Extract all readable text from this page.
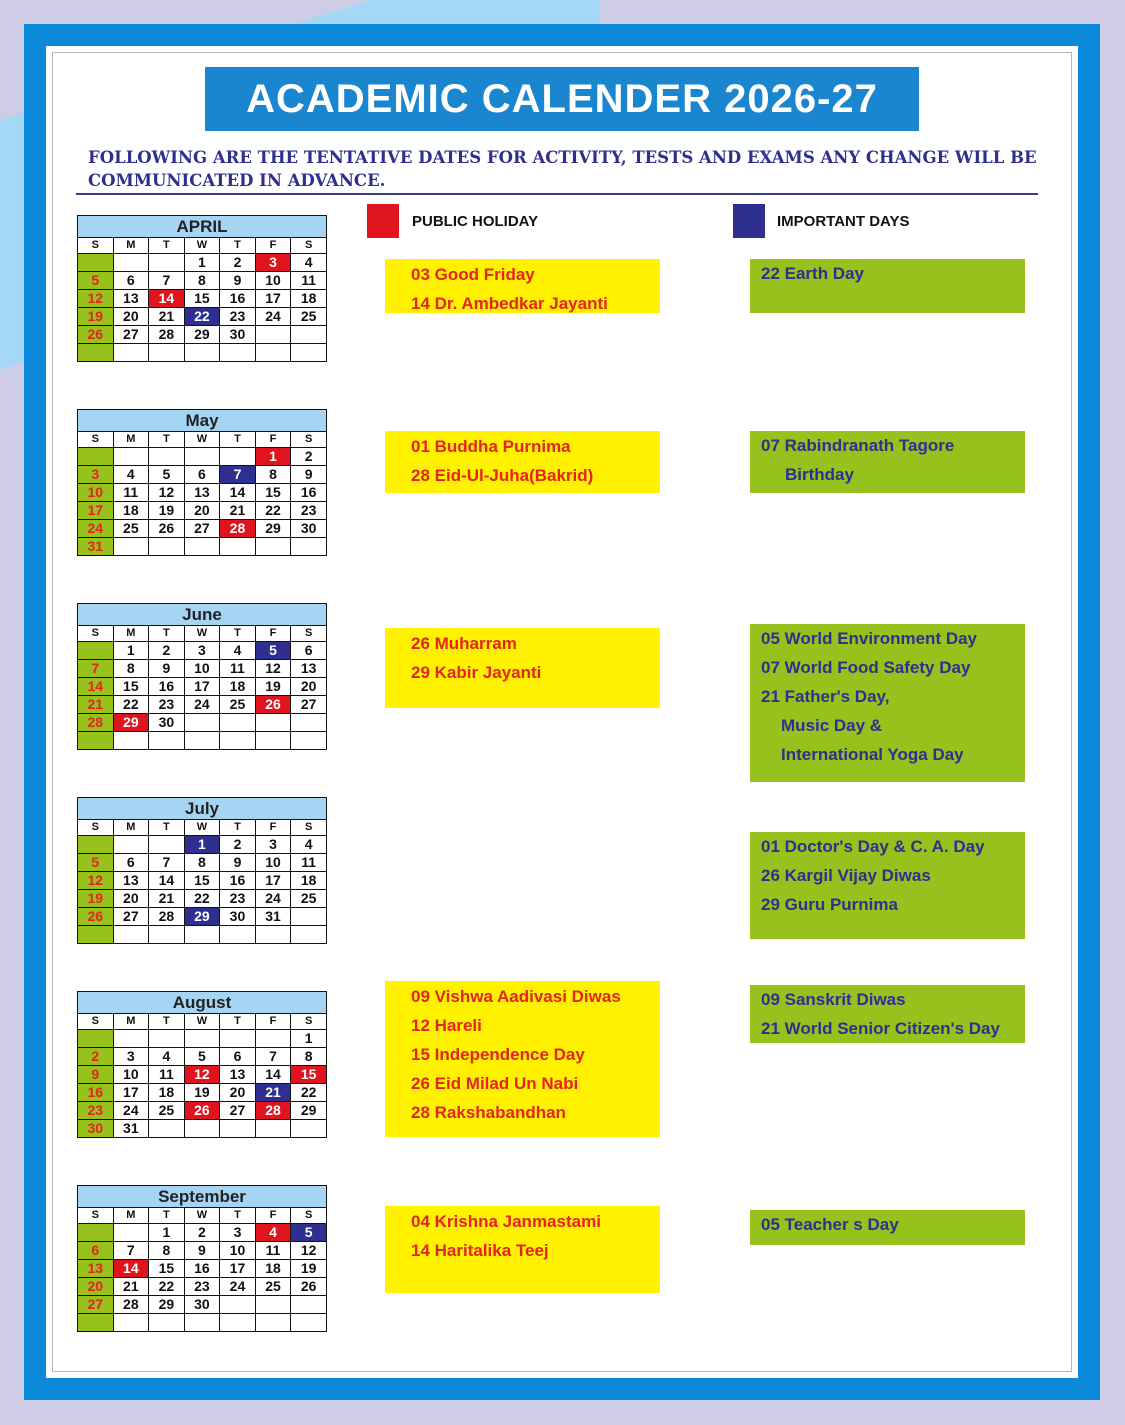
ACADEMIC CALENDER 2026-27
FOLLOWING ARE THE TENTATIVE DATES FOR ACTIVITY, TESTS AND EXAMS ANY CHANGE WILL BE COMMUNICATED IN ADVANCE.
PUBLIC HOLIDAY	IMPORTANT DAYS
APRIL						
S	M	T	W	T	F	S
			1	2	3	4
5	6	7	8	9	10	11
12	13	14	15	16	17	18
19	20	21	22	23	24	25
26	27	28	29	30		

03 Good Friday
14 Dr. Ambedkar Jayanti
22 Earth Day
May						
S	M	T	W	T	F	S
					1	2
3	4	5	6	7	8	9
10	11	12	13	14	15	16
17	18	19	20	21	22	23
24	25	26	27	28	29	30
31						
01 Buddha Purnima
28 Eid-Ul-Juha(Bakrid)
07 Rabindranath Tagore
Birthday
June						
S	M	T	W	T	F	S
	1	2	3	4	5	6
7	8	9	10	11	12	13
14	15	16	17	18	19	20
21	22	23	24	25	26	27
28	29	30				

26 Muharram
29 Kabir Jayanti
05 World Environment Day
07 World Food Safety Day
21 Father's Day,
Music Day &
International Yoga Day
July						
S	M	T	W	T	F	S
			1	2	3	4
5	6	7	8	9	10	11
12	13	14	15	16	17	18
19	20	21	22	23	24	25
26	27	28	29	30	31	

01 Doctor's Day & C. A. Day
26 Kargil Vijay Diwas
29 Guru Purnima
August						
S	M	T	W	T	F	S
						1
2	3	4	5	6	7	8
9	10	11	12	13	14	15
16	17	18	19	20	21	22
23	24	25	26	27	28	29
30	31					
09 Vishwa Aadivasi Diwas
12 Hareli
15 Independence Day
26 Eid Milad Un Nabi
28 Rakshabandhan
09 Sanskrit Diwas
21 World Senior Citizen's Day
September						
S	M	T	W	T	F	S
		1	2	3	4	5
6	7	8	9	10	11	12
13	14	15	16	17	18	19
20	21	22	23	24	25	26
27	28	29	30			

04 Krishna Janmastami
14 Haritalika Teej
05 Teacher s Day
